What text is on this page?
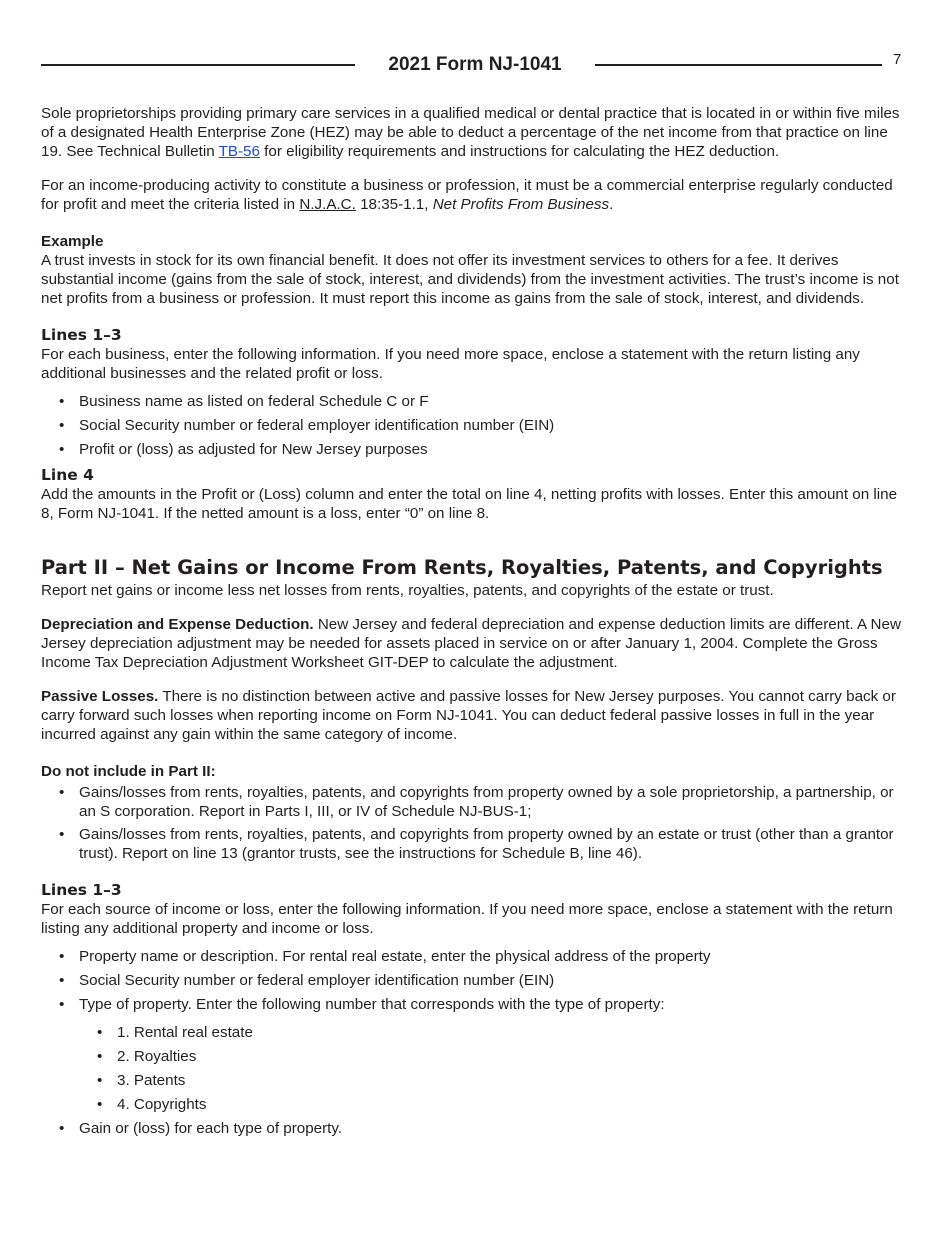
2021 Form NJ-1041	7

Sole proprietorships providing primary care services in a qualified medical or dental practice that is located in or within five miles of a designated Health Enterprise Zone (HEZ) may be able to deduct a percentage of the net income from that practice on line 19. See Technical Bulletin TB-56 for eligibility requirements and instructions for calculating the HEZ deduction.

For an income-producing activity to constitute a business or profession, it must be a commercial enterprise regularly conducted for profit and meet the criteria listed in N.J.A.C. 18:35-1.1, Net Profits From Business.

Example

A trust invests in stock for its own financial benefit. It does not offer its investment services to others for a fee. It derives substantial income (gains from the sale of stock, interest, and dividends) from the investment activities. The trust’s income is not net profits from a business or profession. It must report this income as gains from the sale of stock, interest, and dividends.

Lines 1–3

For each business, enter the following information. If you need more space, enclose a statement with the return listing any additional businesses and the related profit or loss.

• Business name as listed on federal Schedule C or F
• Social Security number or federal employer identification number (EIN)
• Profit or (loss) as adjusted for New Jersey purposes

Line 4

Add the amounts in the Profit or (Loss) column and enter the total on line 4, netting profits with losses. Enter this amount on line 8, Form NJ-1041. If the netted amount is a loss, enter “0” on line 8.

Part II – Net Gains or Income From Rents, Royalties, Patents, and Copyrights

Report net gains or income less net losses from rents, royalties, patents, and copyrights of the estate or trust.

Depreciation and Expense Deduction. New Jersey and federal depreciation and expense deduction limits are different. A New Jersey depreciation adjustment may be needed for assets placed in service on or after January 1, 2004. Complete the Gross Income Tax Depreciation Adjustment Worksheet GIT-DEP to calculate the adjustment.

Passive Losses. There is no distinction between active and passive losses for New Jersey purposes. You cannot carry back or carry forward such losses when reporting income on Form NJ-1041. You can deduct federal passive losses in full in the year incurred against any gain within the same category of income.

Do not include in Part II:

• Gains/losses from rents, royalties, patents, and copyrights from property owned by a sole proprietorship, a partnership, or an S corporation. Report in Parts I, III, or IV of Schedule NJ-BUS-1;
• Gains/losses from rents, royalties, patents, and copyrights from property owned by an estate or trust (other than a grantor trust). Report on line 13 (grantor trusts, see the instructions for Schedule B, line 46).

Lines 1–3

For each source of income or loss, enter the following information. If you need more space, enclose a statement with the return listing any additional property and income or loss.

• Property name or description. For rental real estate, enter the physical address of the property
• Social Security number or federal employer identification number (EIN)
• Type of property. Enter the following number that corresponds with the type of property:
• 1. Rental real estate
• 2. Royalties
• 3. Patents
• 4. Copyrights
• Gain or (loss) for each type of property.
